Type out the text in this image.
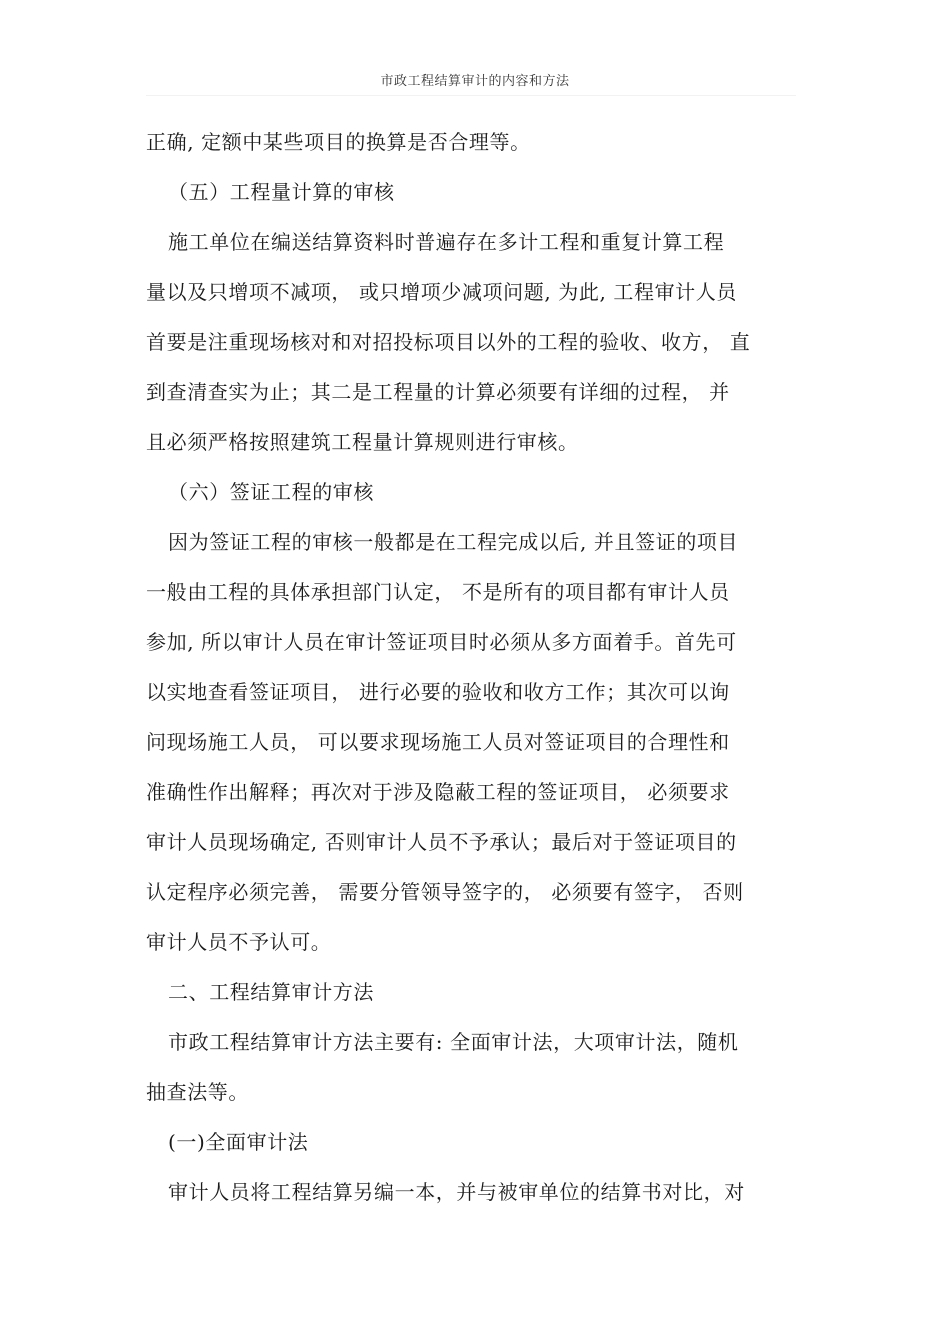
市政工程结算审计的内容和方法
正确, 定额中某些项目的换算是否合理等。
（五）工程量计算的审核
施工单位在编送结算资料时普遍存在多计工程和重复计算工程
量以及只增项不减项， 或只增项少减项问题, 为此, 工程审计人员
首要是注重现场核对和对招投标项目以外的工程的验收、收方， 直
到查清查实为止；其二是工程量的计算必须要有详细的过程， 并
且必须严格按照建筑工程量计算规则进行审核。
（六）签证工程的审核
因为签证工程的审核一般都是在工程完成以后, 并且签证的项目
一般由工程的具体承担部门认定， 不是所有的项目都有审计人员
参加, 所以审计人员在审计签证项目时必须从多方面着手。首先可
以实地查看签证项目， 进行必要的验收和收方工作；其次可以询
问现场施工人员， 可以要求现场施工人员对签证项目的合理性和
准确性作出解释；再次对于涉及隐蔽工程的签证项目， 必须要求
审计人员现场确定, 否则审计人员不予承认；最后对于签证项目的
认定程序必须完善， 需要分管领导签字的， 必须要有签字， 否则
审计人员不予认可。
二、工程结算审计方法
市政工程结算审计方法主要有: 全面审计法，大项审计法，随机
抽查法等。
(一)全面审计法
审计人员将工程结算另编一本，并与被审单位的结算书对比，对
